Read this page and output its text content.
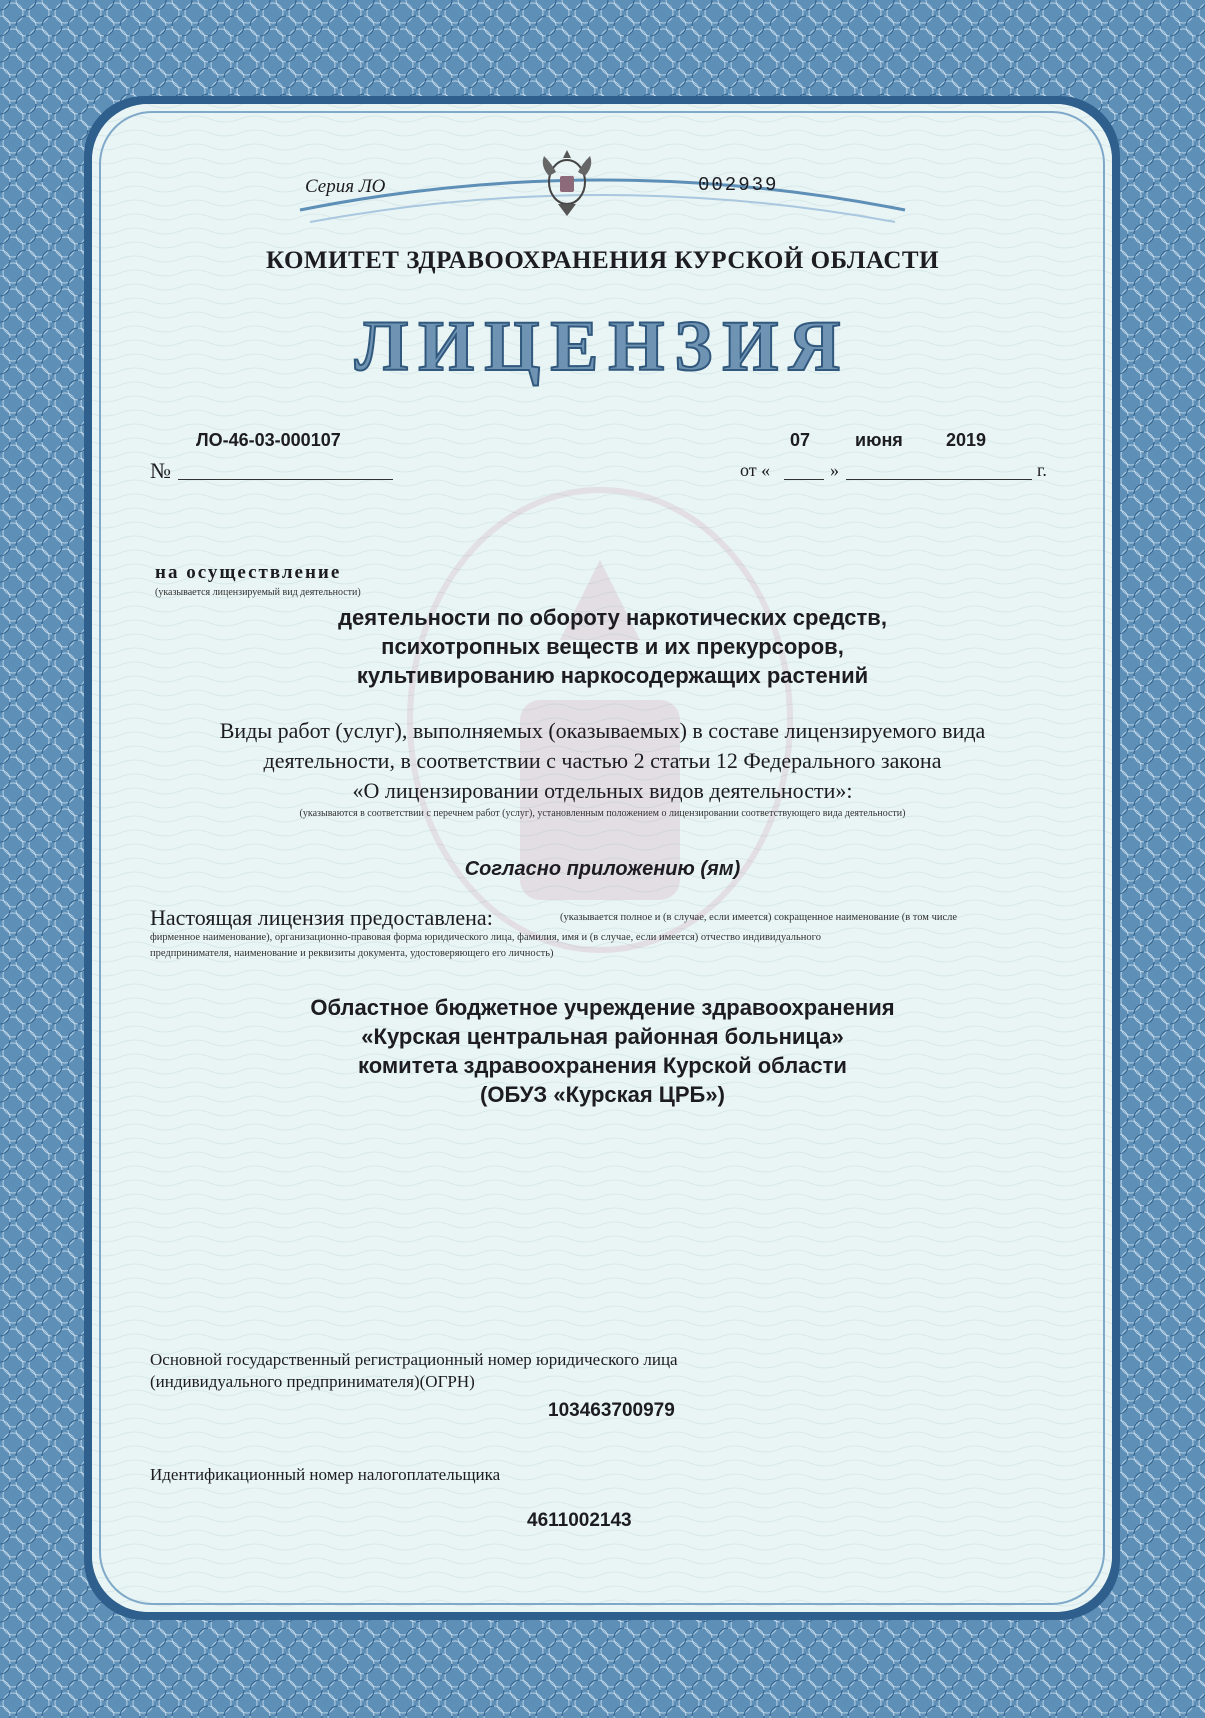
Серия ЛО	002939
КОМИТЕТ ЗДРАВООХРАНЕНИЯ КУРСКОЙ ОБЛАСТИ
ЛИЦЕНЗИЯ
№
ЛО-46-03-000107
от «
07
»
июня 2019
г.
на осуществление
(указывается лицензируемый вид деятельности)
деятельности по обороту наркотических средств,
психотропных веществ и их прекурсоров,
культивированию наркосодержащих растений
Виды работ (услуг), выполняемых (оказываемых) в составе лицензируемого вида
деятельности, в соответствии с частью 2 статьи 12 Федерального закона
«О лицензировании отдельных видов деятельности»:
(указываются в соответствии с перечнем работ (услуг), установленным положением о лицензировании соответствующего вида деятельности)
Согласно приложению (ям)
Настоящая лицензия предоставлена:	(указывается полное и (в случае, если имеется) сокращенное наименование (в том числе
фирменное наименование), организационно-правовая форма юридического лица, фамилия, имя и (в случае, если имеется) отчество индивидуального
предпринимателя, наименование и реквизиты документа, удостоверяющего его личность)
Областное бюджетное учреждение здравоохранения
«Курская центральная районная больница»
комитета здравоохранения Курской области
(ОБУЗ «Курская ЦРБ»)
Основной государственный регистрационный номер юридического лица
(индивидуального предпринимателя)(ОГРН)
103463700979
Идентификационный номер налогоплательщика
4611002143
